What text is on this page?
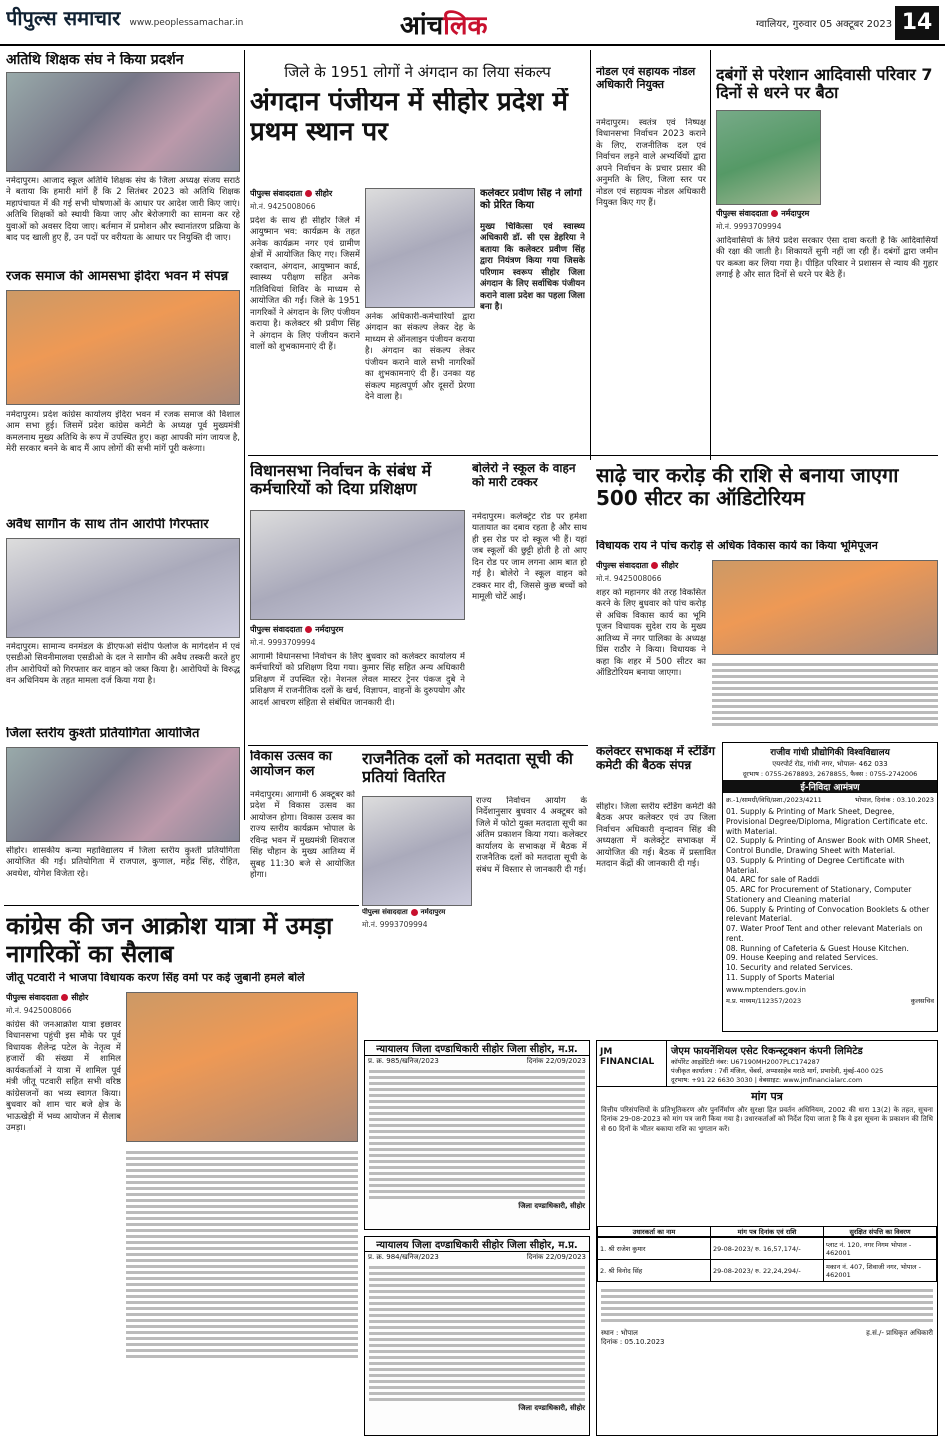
पीपुल्स समाचार www.peoplessamachar.in	आंचलिक	ग्वालियर, गुरुवार 05 अक्टूबर 2023 14
अतिथि शिक्षक संघ ने किया प्रदर्शन
नर्मदापुरम। आजाद स्कूल अतिथि शिक्षक संघ के जिला अध्यक्ष संजय सराठे ने बताया कि हमारी मांगें हैं कि 2 सितंबर 2023 को अतिथि शिक्षक महापंचायत में की गई सभी घोषणाओं के आधार पर आदेश जारी किए जाएं। अतिथि शिक्षकों को स्थायी किया जाए और बेरोजगारी का सामना कर रहे युवाओं को अवसर दिया जाए। बर्तमान में प्रमोशन और स्थानांतरण प्रक्रिया के बाद पद खाली हुए हैं, उन पदों पर वरीयता के आधार पर नियुक्ति दी जाए।
रजक समाज की आमसभा इंदिरा भवन में संपन्न
नर्मदापुरम। प्रदेश कांग्रेस कार्यालय इंदिरा भवन में रजक समाज की विशाल आम सभा हुई। जिसमें प्रदेश कांग्रेस कमेटी के अध्यक्ष पूर्व मुख्यमंत्री कमलनाथ मुख्य अतिथि के रूप में उपस्थित हुए। कहा आपकी मांग जायज है, मेरी सरकार बनने के बाद मैं आप लोगों की सभी मांगें पूरी करूंगा।
अवैध सागौन के साथ तीन आरोपी गिरफ्तार
नर्मदापुरम। सामान्य वनमंडल के डीएफओ संदीप फेलोज के मार्गदर्शन में एवं एसडीओ सिवनीमालवा एसडीओ के दल ने सागौन की अवैध तस्करी करते हुए तीन आरोपियों को गिरफ्तार कर वाहन को जब्त किया है। आरोपियों के विरुद्ध वन अधिनियम के तहत मामला दर्ज किया गया है।
जिला स्तरीय कुश्ती प्रतियोगिता आयोजित
सीहोर। शासकीय कन्या महाविद्यालय में जिला स्तरीय कुश्ती प्रतियोगिता आयोजित की गई। प्रतियोगिता में राजपाल, कुणाल, महेंद्र सिंह, रोहित, अवधेश, योगेश विजेता रहे।
जिले के 1951 लोगों ने अंगदान का लिया संकल्प
अंगदान पंजीयन में सीहोर प्रदेश में प्रथम स्थान पर
पीपुल्स संवाददाता सीहोर
मो.नं. 9425008066
प्रदेश के साथ ही सीहोर जिले में आयुष्मान भव: कार्यक्रम के तहत अनेक कार्यक्रम नगर एवं ग्रामीण क्षेत्रों में आयोजित किए गए। जिसमें रक्तदान, अंगदान, आयुष्मान कार्ड, स्वास्थ्य परीक्षण सहित अनेक गतिविधियां शिविर के माध्यम से आयोजित की गईं। जिले के 1951 नागरिकों ने अंगदान के लिए पंजीयन कराया है। कलेक्टर श्री प्रवीण सिंह ने अंगदान के लिए पंजीयन कराने वालों को शुभकामनाएं दी हैं।
अनेक अधिकारी-कर्मचारियों द्वारा अंगदान का संकल्प लेकर देह के माध्यम से ऑनलाइन पंजीयन कराया है। अंगदान का संकल्प लेकर पंजीयन कराने वाले सभी नागरिकों का शुभकामनाएं दी हैं। उनका यह संकल्प महत्वपूर्ण और दूसरों प्रेरणा देने वाला है।
कलेक्टर प्रवीण सिंह ने लोगों को प्रेरित किया
मुख्य चिकित्सा एवं स्वास्थ्य अधिकारी डॉ. सी एस डेहरिया ने बताया कि कलेक्टर प्रवीण सिंह द्वारा नियंत्रण किया गया जिसके परिणाम स्वरूप सीहोर जिला अंगदान के लिए सर्वाधिक पंजीयन कराने वाला प्रदेश का पहला जिला बना है।
नोडल एवं सहायक नोडल अधिकारी नियुक्त
नर्मदापुरम। स्वतंत्र एवं निष्पक्ष विधानसभा निर्वाचन 2023 कराने के लिए, राजनीतिक दल एवं निर्वाचन लड़ने वाले अभ्यर्थियों द्वारा अपने निर्वाचन के प्रचार प्रसार की अनुमति के लिए, जिला स्तर पर नोडल एवं सहायक नोडल अधिकारी नियुक्त किए गए हैं।
दबंगों से परेशान आदिवासी परिवार 7 दिनों से धरने पर बैठा
पीपुल्स संवाददाता नर्मदापुरम
मो.नं. 9993709994
आदिवासियों के लिये प्रदेश सरकार ऐसा दावा करती है कि आदिवासियों की रक्षा की जाती है। शिकायतें सुनी नहीं जा रही हैं। दबंगों द्वारा जमीन पर कब्जा कर लिया गया है। पीड़ित परिवार ने प्रशासन से न्याय की गुहार लगाई है और सात दिनों से धरने पर बैठे हैं।
विधानसभा निर्वाचन के संबंध में कर्मचारियों को दिया प्रशिक्षण
पीपुल्स संवाददाता नर्मदापुरम
मो.नं. 9993709994
आगामी विधानसभा निर्वाचन के लिए बुधवार को कलेक्टर कार्यालय में कर्मचारियों को प्रशिक्षण दिया गया। कुमार सिंह सहित अन्य अधिकारी प्रशिक्षण में उपस्थित रहे। नेशनल लेवल मास्टर ट्रेनर पंकज दुबे ने प्रशिक्षण में राजनीतिक दलों के खर्च, विज्ञापन, वाहनों के दुरुपयोग और आदर्श आचरण संहिता से संबंधित जानकारी दी।
बोलेरो ने स्कूल के वाहन को मारी टक्कर
नर्मदापुरम। कलेक्ट्रेट रोड पर हमेशा यातायात का दबाव रहता है और साथ ही इस रोड पर दो स्कूल भी हैं। यहां जब स्कूलों की छुट्टी होती है तो आए दिन रोड पर जाम लगना आम बात हो गई है। बोलेरो ने स्कूल वाहन को टक्कर मार दी, जिससे कुछ बच्चों को मामूली चोटें आईं।
साढ़े चार करोड़ की राशि से बनाया जाएगा 500 सीटर का ऑडिटोरियम
विधायक राय ने पांच करोड़ से अधिक विकास कार्य का किया भूमिपूजन
पीपुल्स संवाददाता सीहोर
मो.नं. 9425008066
शहर को महानगर की तरह विकसित करने के लिए बुधवार को पांच करोड़ से अधिक विकास कार्य का भूमि पूजन विधायक सुदेश राय के मुख्य आतिथ्य में नगर पालिका के अध्यक्ष प्रिंस राठौर ने किया। विधायक ने कहा कि शहर में 500 सीटर का ऑडिटोरियम बनाया जाएगा।
विकास उत्सव का आयोजन कल
नर्मदापुरम। आगामी 6 अक्टूबर को प्रदेश में विकास उत्सव का आयोजन होगा। विकास उत्सव का राज्य स्तरीय कार्यक्रम भोपाल के रविन्द्र भवन में मुख्यमंत्री शिवराज सिंह चौहान के मुख्य आतिथ्य में सुबह 11:30 बजे से आयोजित होगा।
राजनैतिक दलों को मतदाता सूची की प्रतियां वितरित
पीपुल्स संवाददाता नर्मदापुरम
मो.नं. 9993709994
राज्य निर्वाचन आयोग के निर्देशानुसार बुधवार 4 अक्टूबर को जिले में फोटो युक्त मतदाता सूची का अंतिम प्रकाशन किया गया। कलेक्टर कार्यालय के सभाकक्ष में बैठक में राजनैतिक दलों को मतदाता सूची के संबंध में विस्तार से जानकारी दी गई।
कलेक्टर सभाकक्ष में स्टेंडिंग कमेटी की बैठक संपन्न
सीहोर। जिला स्तरीय स्टेंडिंग कमेटी की बैठक अपर कलेक्टर एवं उप जिला निर्वाचन अधिकारी वृन्दावन सिंह की अध्यक्षता में कलेक्ट्रेट सभाकक्ष में आयोजित की गई। बैठक में प्रस्तावित मतदान केंद्रों की जानकारी दी गई।
राजीव गांधी प्रौद्योगिकी विश्वविद्यालय
एयरपोर्ट रोड, गांधी नगर, भोपाल- 462 033
दूरभाष : 0755-2678893, 2678855, फैक्स : 0755-2742006
ई-निविदा आमंत्रण
क्र.-1/सामग्री/विधि/प्रशा./2023/4211	भोपाल, दिनांक : 03.10.2023
01. Supply & Printing of Mark Sheet, Degree, Provisional Degree/Diploma, Migration Certificate etc. with Material.
02. Supply & Printing of Answer Book with OMR Sheet, Control Bundle, Drawing Sheet with Material.
03. Supply & Printing of Degree Certificate with Material.
04. ARC for sale of Raddi
05. ARC for Procurement of Stationary, Computer Stationery and Cleaning material
06. Supply & Printing of Convocation Booklets & other relevant Material.
07. Water Proof Tent and other relevant Materials on rent.
08. Running of Cafeteria & Guest House Kitchen.
09. House Keeping and related Services.
10. Security and related Services.
11. Supply of Sports Material
www.mptenders.gov.in
म.प्र. माध्यम/112357/2023	कुलसचिव
कांग्रेस की जन आक्रोश यात्रा में उमड़ा नागरिकों का सैलाब
जीतू पटवारी ने भाजपा विधायक करण सिंह वर्मा पर कई जुबानी हमले बोले
पीपुल्स संवाददाता सीहोर
मो.नं. 9425008066
कांग्रेस की जनआक्रोश यात्रा इछावर विधानसभा पहुंची इस मौके पर पूर्व विधायक शैलेन्द्र पटेल के नेतृत्व में हजारों की संख्या में शामिल कार्यकर्ताओं ने यात्रा में शामिल पूर्व मंत्री जीतू पटवारी सहित सभी वरिष्ठ कांग्रेसजनों का भव्य स्वागत किया। बुधवार को शाम चार बजे क्षेत्र के भाऊखेड़ी में भव्य आयोजन में सैलाब उमड़ा।
न्यायालय जिला दण्डाधिकारी सीहोर जिला सीहोर, म.प्र.
प्र. क्र. 985/खनिज/2023	दिनांक 22/09/2023
जिला दण्डाधिकारी, सीहोर
न्यायालय जिला दण्डाधिकारी सीहोर जिला सीहोर, म.प्र.
प्र. क्र. 984/खनिज/2023	दिनांक 22/09/2023
जिला दण्डाधिकारी, सीहोर
JM FINANCIAL
जेएम फायनेंशियल एसेट रिकन्स्ट्रक्शन कंपनी लिमिटेड
कॉर्पोरेट आइडेंटिटी नंबर: U67190MH2007PLC174287
पंजीकृत कार्यालय : 7वीं मंजिल, चेंबर्स, अप्पासाहेब मराठे मार्ग, प्रभादेवी, मुंबई-400 025
दूरभाष: +91 22 6630 3030 | वेबसाइट: www.jmfinancialarc.com
मांग पत्र
वित्तीय परिसंपत्तियों के प्रतिभूतिकरण और पुनर्निर्माण और सुरक्षा हित प्रवर्तन अधिनियम, 2002 की धारा 13(2) के तहत, सूचना दिनांक 29-08-2023 को मांग पत्र जारी किया गया है। उधारकर्ताओं को निर्देश दिया जाता है कि वे इस सूचना के प्रकाशन की तिथि से 60 दिनों के भीतर बकाया राशि का भुगतान करें।
उधारकर्ता का नाम	मांग पत्र दिनांक एवं राशि	सुरक्षित संपत्ति का विवरण
1. श्री राजेश कुमार	29-08-2023/ रु. 16,57,174/-	प्लाट नं. 120, नगर निगम भोपाल - 462001
2. श्री विनोद सिंह	29-08-2023/ रु. 22,24,294/-	मकान नं. 407, शिवाजी नगर, भोपाल - 462001
स्थान : भोपाल
दिनांक : 05.10.2023
ह.सं./- प्राधिकृत अधिकारी
